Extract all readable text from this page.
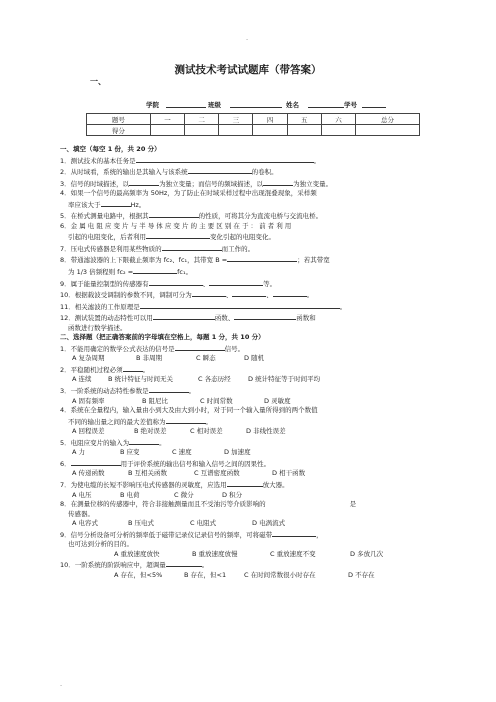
-
测试技术考试试题库（带答案）
一、
学院	班级	姓名	学号
题号	一	二	三	四	五	六	总分
得分							
一、填空（每空 1 份，共 20 分）
1．测试技术的基本任务是	。
2．从时域看，系统的输出是其输入与该系统	的卷积。
3．信号的时域描述，以	为独立变量；而信号的频域描述，以	为独立变量。
4．如果一个信号的最高频率为 50Hz，为了防止在时域采样过程中出现混叠现象，采样频
率应该大于	Hz。
5．在桥式测量电路中，根据其	的性质，可将其分为直流电桥与交流电桥。
6．金 属 电 阻 应 变 片 与 半 导 体 应 变 片 的 主 要 区 别 在 于 ： 前 者 利 用
引起的电阻变化，后者利用	变化引起的电阻变化。
7．压电式传感器是利用某些物质的	而工作的。
8．带通滤波器的上下限截止频率为 fc₂、fc₁，其带宽 B =	；若其带宽
为 1/3 倍频程则 fc₂ =	fc₁。
9．属于能量控制型的传感器有	、	等。
10．根据载波受调制的参数不同，调制可分为	、	、	。
11．相关滤波的工作原理是	。
12．测试装置的动态特性可以用	函数、	函数和
函数进行数学描述。
二、选择题（把正确答案前的字母填在空格上，每题 1 分，共 10 分）
1．不能用确定的数学公式表达的信号是	信号。
A 复杂周期	B 非周期	C 瞬态	D 随机
2．平稳随机过程必须	。
A 连续	B 统计特征与时间无关	C 各态历经	D 统计特征等于时间平均
3．一阶系统的动态特性参数是	。
A 固有频率	B 阻尼比	C 时间常数	D 灵敏度
4．系统在全量程内，输入量由小到大及由大到小时，对于同一个输入量所得到的两个数值
不同的输出量之间的最大差值称为	。
A 回程误差	B 绝对误差	C 相对误差	D 非线性误差
5．电阻应变片的输入为	。
A 力	B 应变	C 速度	D 加速度
6．	用于评价系统的输出信号和输入信号之间的因果性。
A 传递函数	B 互相关函数	C 互谱密度函数	D 相干函数
7．为使电缆的长短不影响压电式传感器的灵敏度，应选用	放大器。
A 电压	B 电荷	C 微分	D 积分
8．在测量位移的传感器中，符合非接触测量而且不受油污等介质影响的	是
传感器。
A 电容式	B 压电式	C 电阻式	D 电涡流式
9．信号分析设备可分析的频率低于磁带记录仪记录信号的频率，可将磁带	，
也可达到分析的目的。
A 重放速度放快	B 重放速度放慢	C 重放速度不变	D 多放几次
10．一阶系统的阶跃响应中，超调量	。
A 存在，但<5%	B 存在，但<1	C 在时间常数很小时存在	D 不存在
-
